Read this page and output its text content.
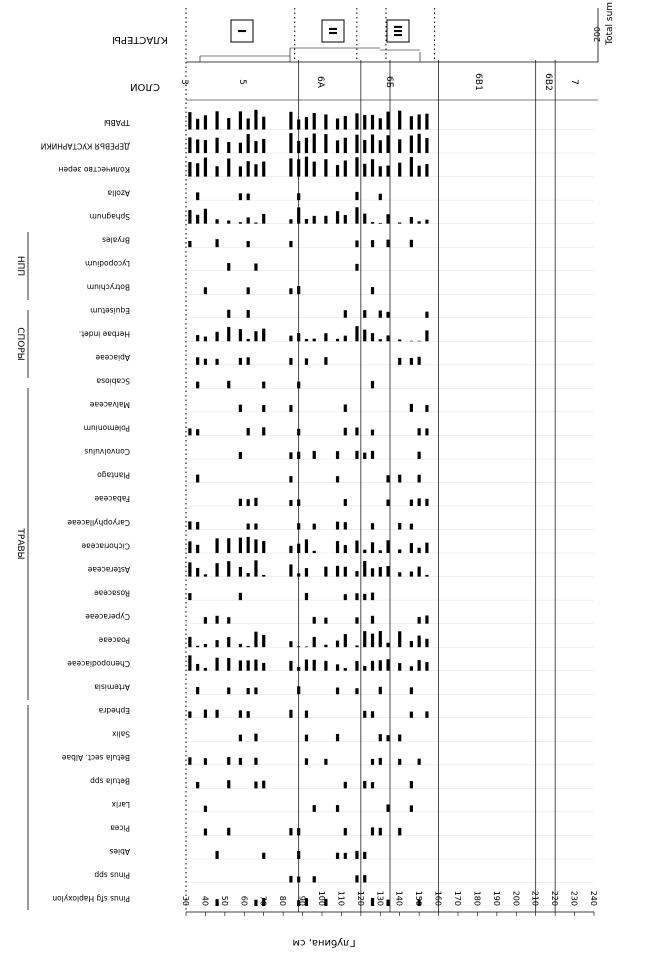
КЛАСТЕРЫ
I	II	III	Total sum
200
СЛОИ 3	5	6A	6Б	6В1	6В2 7
ТРАВЫ
ДЕРЕВЬЯ КУСТАРНИКИ
Количество зерен
Azolla
Sphagnum
Bryales
Lycopodium
Botrychium
Equisetum
Herbae indet.
Apiaceae
Scabiosa
Malvaceae
Polemonium
Convolvulus
Plantago
Fabaceae
Caryophyllaceae
Cichoriaceae
Asteraceae
Rosaceae
Cyperaceae
Poaceae
Chenopodiaceae
Artemisia
Ephedra
Salix
Betula sect. Albae
Betula spp
Larix
Picea
Abies
Pinus spp
Pinus sfg Haploxylon
НПП
СПОРЫ
ТРАВЫ
30 40 50 60 70 80 90 100 110 120 130 140 150 160 170 180 190 200 210 220 230 240
Глубина, см
